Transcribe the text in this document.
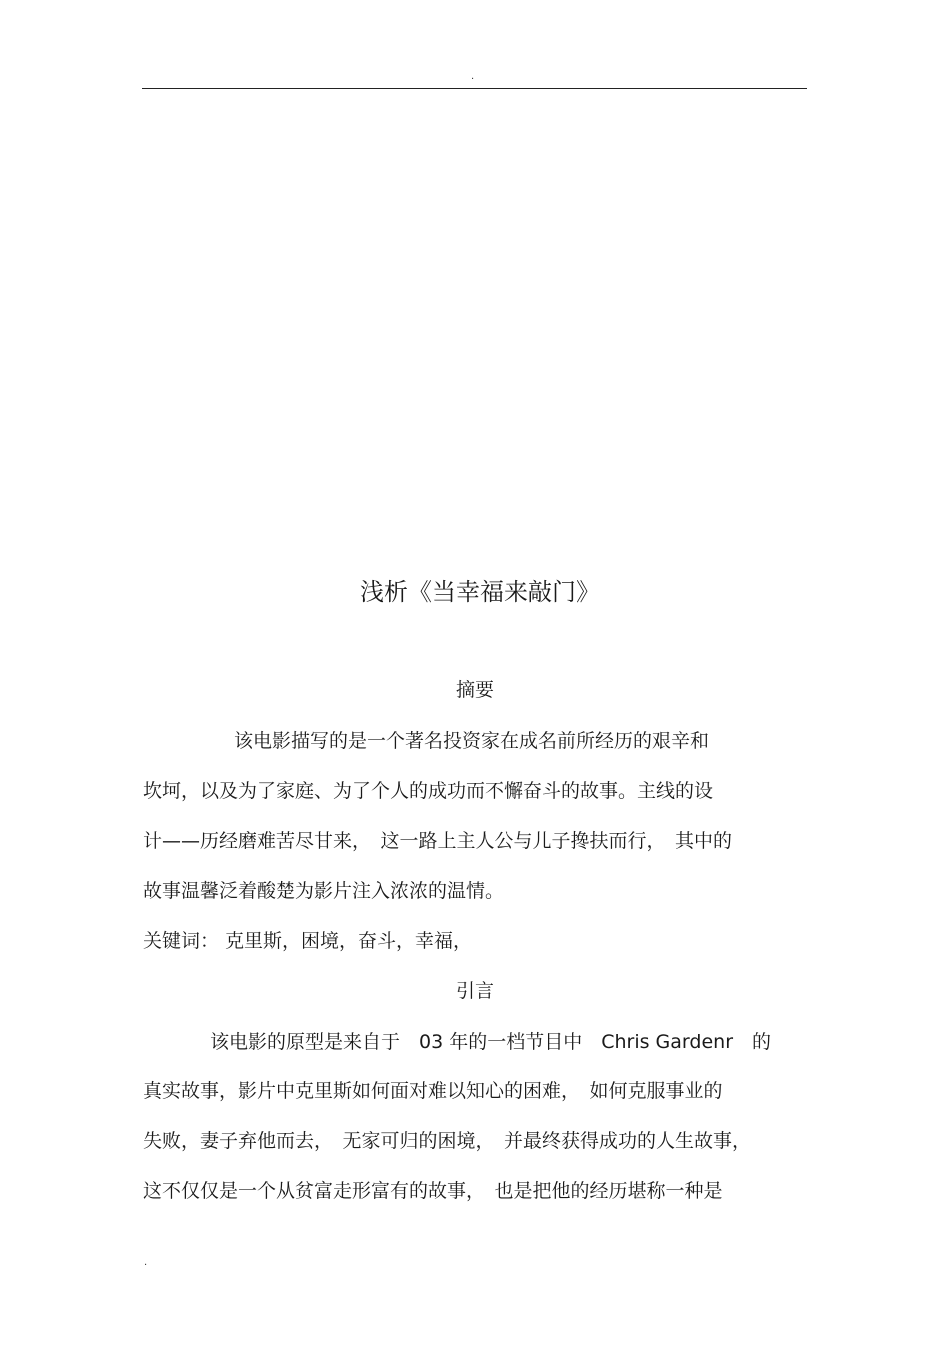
.
浅析《当幸福来敲门》
摘要
该电影描写的是一个著名投资家在成名前所经历的艰辛和
坎坷，以及为了家庭、为了个人的成功而不懈奋斗的故事。主线的设
计——历经磨难苦尽甘来，　这一路上主人公与儿子搀扶而行，　其中的
故事温馨泛着酸楚为影片注入浓浓的温情。
关键词： 克里斯，困境，奋斗，幸福，
引言
该电影的原型是来自于　03 年的一档节目中　Chris Gardenr　的
真实故事，影片中克里斯如何面对难以知心的困难，　如何克服事业的
失败，妻子弃他而去，　无家可归的困境，　并最终获得成功的人生故事，
这不仅仅是一个从贫富走形富有的故事，　也是把他的经历堪称一种是
.
